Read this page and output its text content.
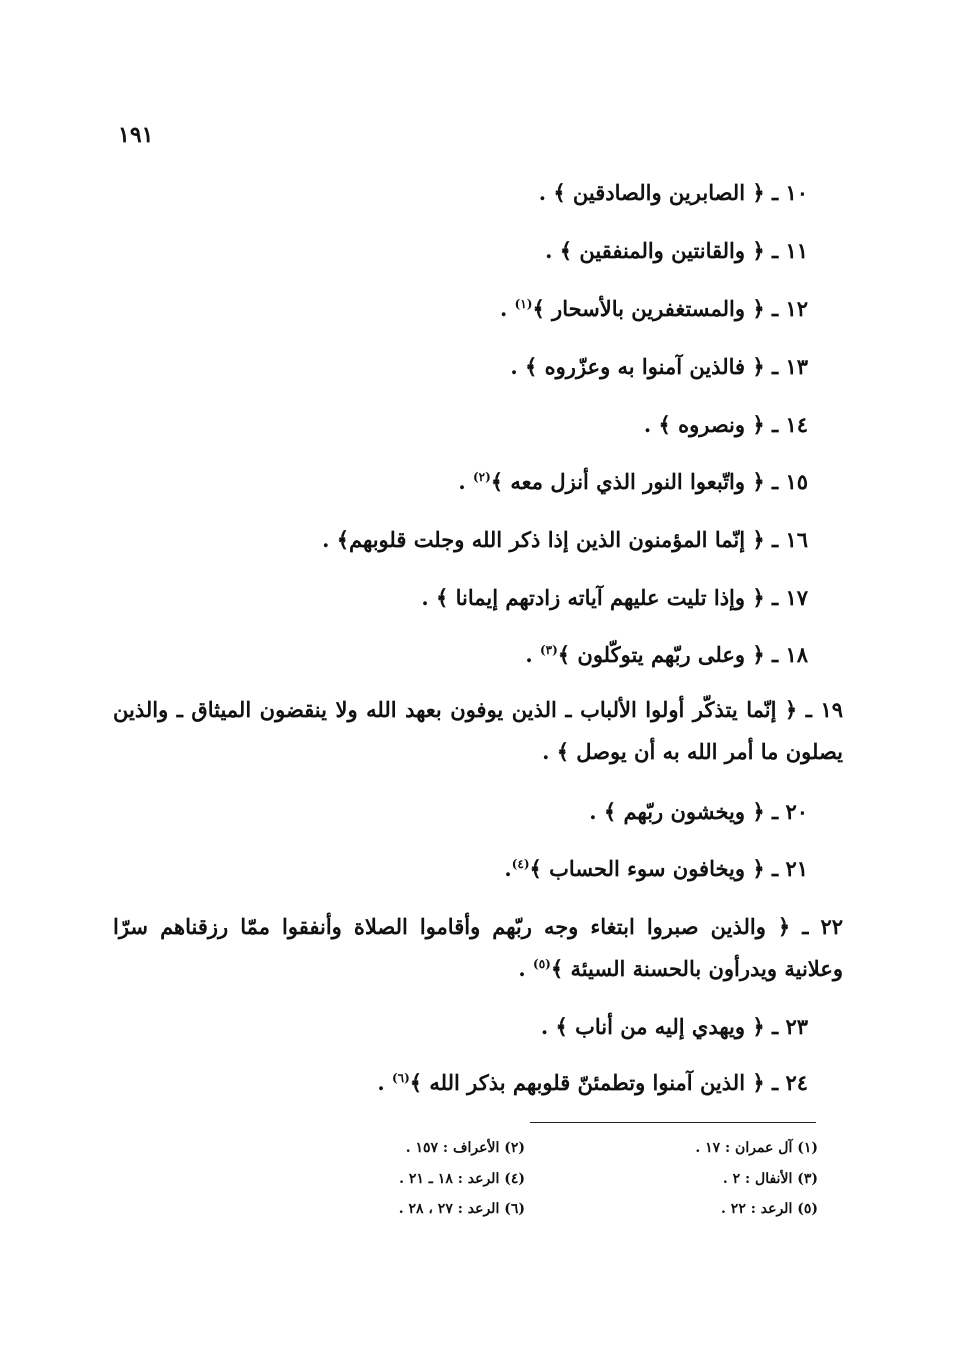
١٩١
١٠ ـ ﴿ الصابرين والصادقين ﴾ .
١١ ـ ﴿ والقانتين والمنفقين ﴾ .
١٢ ـ ﴿ والمستغفرين بالأسحار ﴾$^{(١)}$ .
١٣ ـ ﴿ فالذين آمنوا به وعزّروه ﴾ .
١٤ ـ ﴿ ونصروه ﴾ .
١٥ ـ ﴿ واتّبعوا النور الذي أنزل معه ﴾$^{(٢)}$ .
١٦ ـ ﴿ إنّما المؤمنون الذين إذا ذكر الله وجلت قلوبهم﴾ .
١٧ ـ ﴿ وإذا تليت عليهم آياته زادتهم إيمانا ﴾ .
١٨ ـ ﴿ وعلى ربّهم يتوكّلون ﴾$^{(٣)}$ .
١٩ ـ ﴿ إنّما يتذكّر أولوا الألباب ـ الذين يوفون بعهد الله ولا ينقضون الميثاق ـ والذين يصلون ما أمر الله به أن يوصل ﴾ .
٢٠ ـ ﴿ ويخشون ربّهم ﴾ .
٢١ ـ ﴿ ويخافون سوء الحساب ﴾$^{(٤)}$.
٢٢ ـ ﴿ والذين صبروا ابتغاء وجه ربّهم وأقاموا الصلاة وأنفقوا ممّا رزقناهم سرّا وعلانية ويدرأون بالحسنة السيئة ﴾$^{(٥)}$ .
٢٣ ـ ﴿ ويهدي إليه من أناب ﴾ .
٢٤ ـ ﴿ الذين آمنوا وتطمئنّ قلوبهم بذكر الله ﴾$^{(٦)}$ .
(١) آل عمران : ١٧ .
(٢) الأعراف : ١٥٧ .
(٣) الأنفال : ٢ .
(٤) الرعد : ١٨ ـ ٢١ .
(٥) الرعد : ٢٢ .
(٦) الرعد : ٢٧ ، ٢٨ .
